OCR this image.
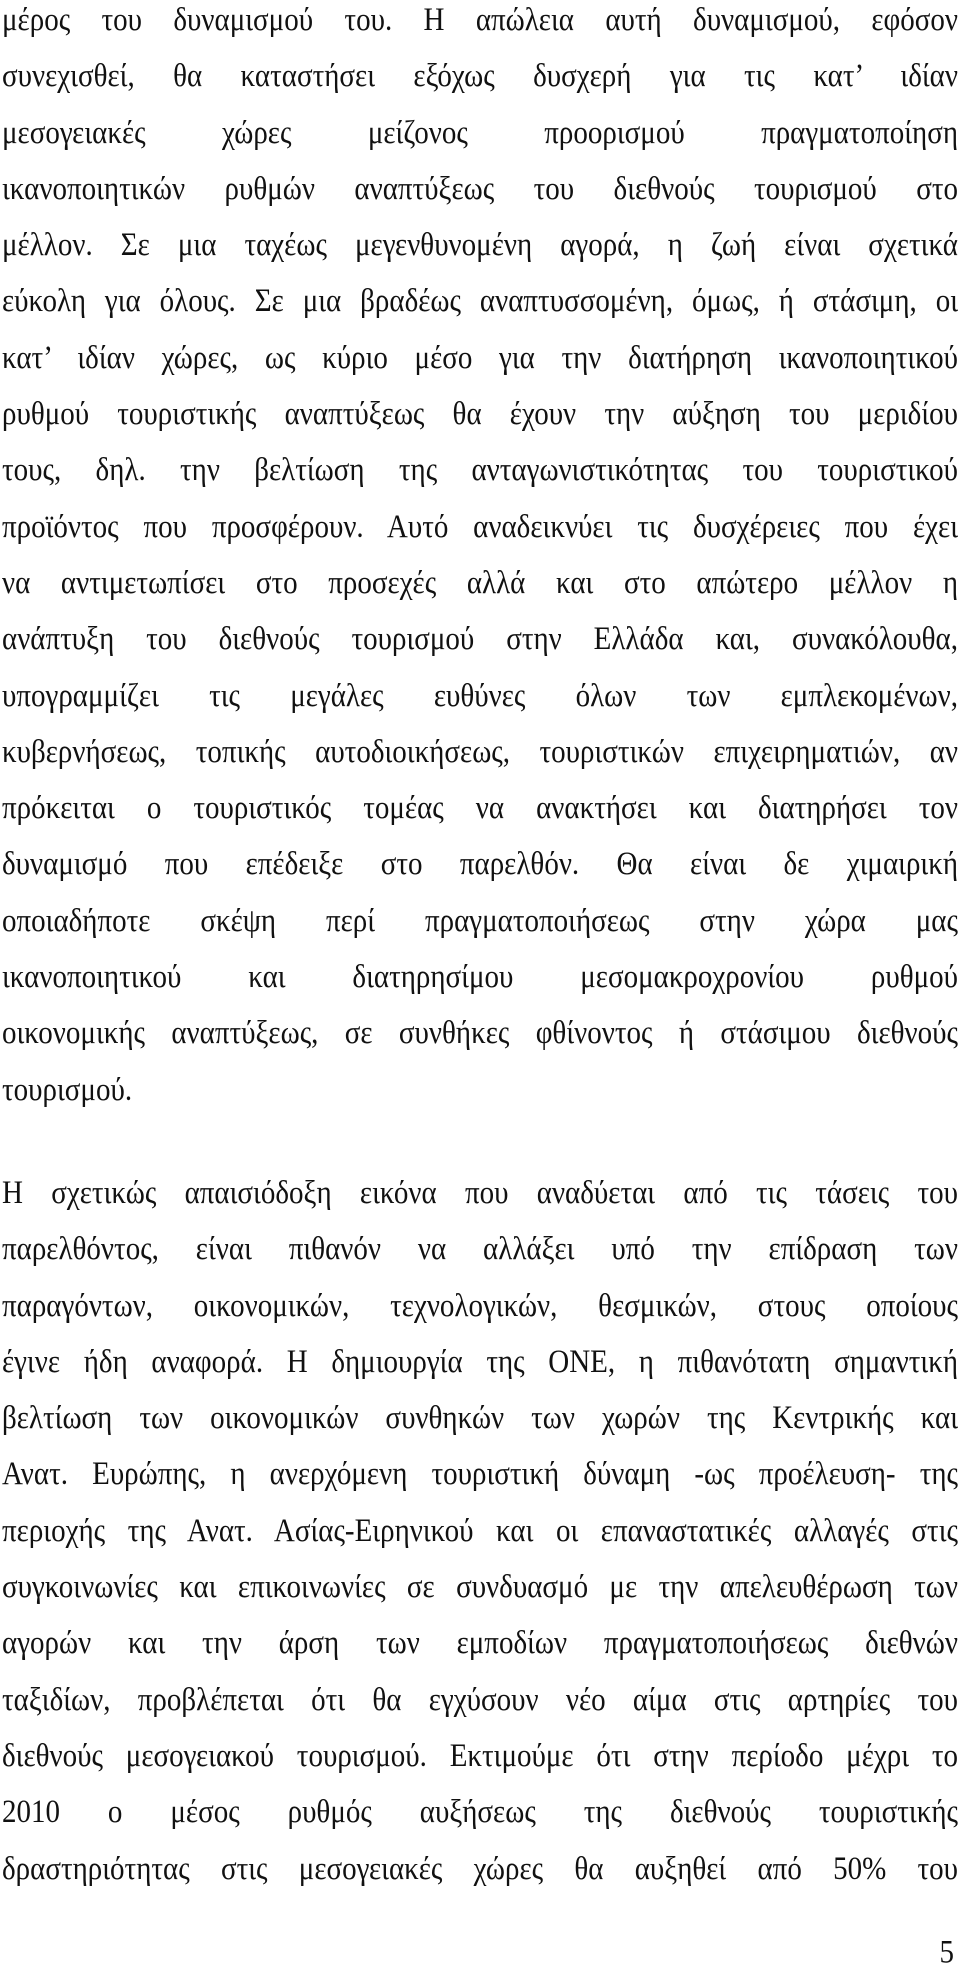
μέρος του δυναμισμού του. Η απώλεια αυτή δυναμισμού, εφόσον
συνεχισθεί, θα καταστήσει εξόχως δυσχερή για τις κατ’ ιδίαν
μεσογειακές χώρες μείζονος προορισμού πραγματοποίηση
ικανοποιητικών ρυθμών αναπτύξεως του διεθνούς τουρισμού στο
μέλλον. Σε μια ταχέως μεγενθυνομένη αγορά, η ζωή είναι σχετικά
εύκολη για όλους. Σε μια βραδέως αναπτυσσομένη, όμως, ή στάσιμη, οι
κατ’ ιδίαν χώρες, ως κύριο μέσο για την διατήρηση ικανοποιητικού
ρυθμού τουριστικής αναπτύξεως θα έχουν την αύξηση του μεριδίου
τους, δηλ. την βελτίωση της ανταγωνιστικότητας του τουριστικού
προϊόντος που προσφέρουν. Αυτό αναδεικνύει τις δυσχέρειες που έχει
να αντιμετωπίσει στο προσεχές αλλά και στο απώτερο μέλλον η
ανάπτυξη του διεθνούς τουρισμού στην Ελλάδα και, συνακόλουθα,
υπογραμμίζει τις μεγάλες ευθύνες όλων των εμπλεκομένων,
κυβερνήσεως, τοπικής αυτοδιοικήσεως, τουριστικών επιχειρηματιών, αν
πρόκειται ο τουριστικός τομέας να ανακτήσει και διατηρήσει τον
δυναμισμό που επέδειξε στο παρελθόν. Θα είναι δε χιμαιρική
οποιαδήποτε σκέψη περί πραγματοποιήσεως στην χώρα μας
ικανοποιητικού και διατηρησίμου μεσομακροχρονίου ρυθμού
οικονομικής αναπτύξεως, σε συνθήκες φθίνοντος ή στάσιμου διεθνούς
τουρισμού.
Η σχετικώς απαισιόδοξη εικόνα που αναδύεται από τις τάσεις του
παρελθόντος, είναι πιθανόν να αλλάξει υπό την επίδραση των
παραγόντων, οικονομικών, τεχνολογικών, θεσμικών, στους οποίους
έγινε ήδη αναφορά. Η δημιουργία της ΟΝΕ, η πιθανότατη σημαντική
βελτίωση των οικονομικών συνθηκών των χωρών της Κεντρικής και
Ανατ. Ευρώπης, η ανερχόμενη τουριστική δύναμη -ως προέλευση- της
περιοχής της Ανατ. Ασίας-Ειρηνικού και οι επαναστατικές αλλαγές στις
συγκοινωνίες και επικοινωνίες σε συνδυασμό με την απελευθέρωση των
αγορών και την άρση των εμποδίων πραγματοποιήσεως διεθνών
ταξιδίων, προβλέπεται ότι θα εγχύσουν νέο αίμα στις αρτηρίες του
διεθνούς μεσογειακού τουρισμού. Εκτιμούμε ότι στην περίοδο μέχρι το
2010 ο μέσος ρυθμός αυξήσεως της διεθνούς τουριστικής
δραστηριότητας στις μεσογειακές χώρες θα αυξηθεί από 50% του
5
